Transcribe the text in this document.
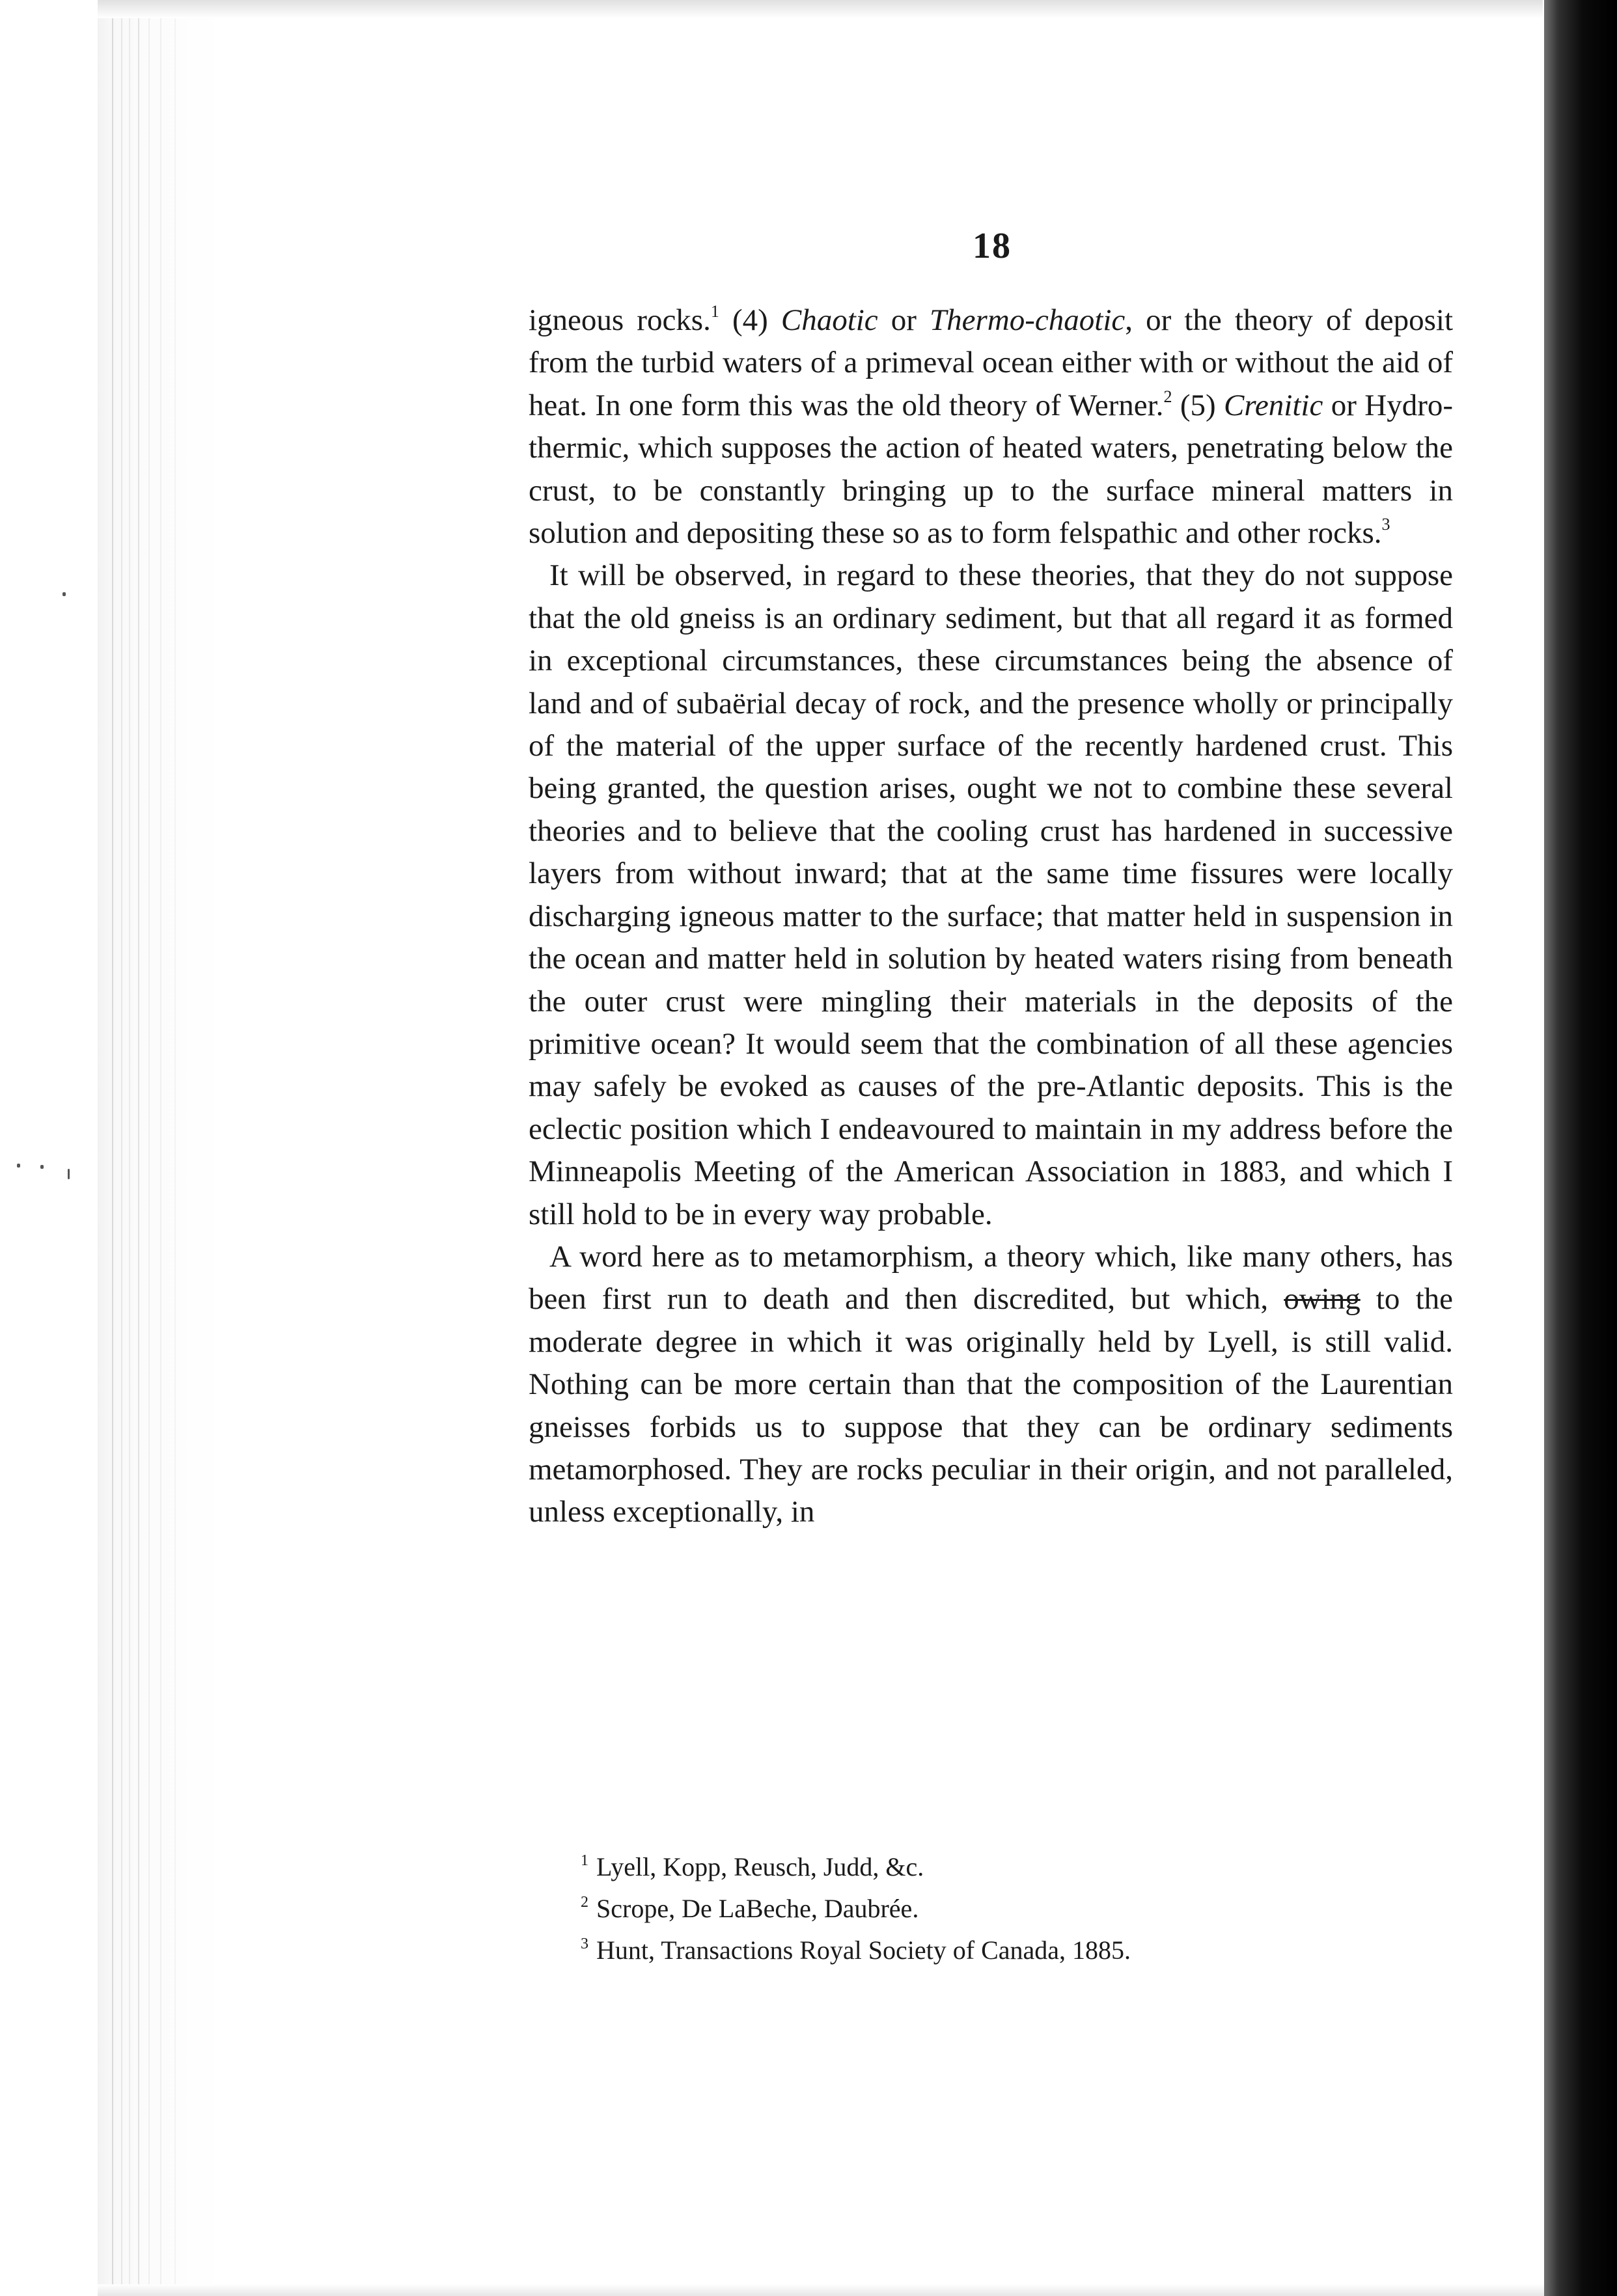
18

igneous rocks.$^1$ (4) Chaotic or Thermo-chaotic, or the theory of deposit from the turbid waters of a primeval ocean either with or without the aid of heat. In one form this was the old theory of Werner.$^2$ (5) Crenitic or Hydro-thermic, which supposes the action of heated waters, penetrating below the crust, to be constantly bringing up to the surface mineral matters in solution and depositing these so as to form felspathic and other rocks.$^3$

It will be observed, in regard to these theories, that they do not suppose that the old gneiss is an ordinary sediment, but that all regard it as formed in exceptional circumstances, these circumstances being the absence of land and of subaërial decay of rock, and the presence wholly or principally of the material of the upper surface of the recently hardened crust. This being granted, the question arises, ought we not to combine these several theories and to believe that the cooling crust has hardened in successive layers from without inward; that at the same time fissures were locally discharging igneous matter to the surface; that matter held in suspension in the ocean and matter held in solution by heated waters rising from beneath the outer crust were mingling their materials in the deposits of the primitive ocean? It would seem that the combination of all these agencies may safely be evoked as causes of the pre-Atlantic deposits. This is the eclectic position which I endeavoured to maintain in my address before the Minneapolis Meeting of the American Association in 1883, and which I still hold to be in every way probable.

A word here as to metamorphism, a theory which, like many others, has been first run to death and then discredited, but which, owing to the moderate degree in which it was originally held by Lyell, is still valid. Nothing can be more certain than that the composition of the Laurentian gneisses forbids us to suppose that they can be ordinary sediments metamorphosed. They are rocks peculiar in their origin, and not paralleled, unless exceptionally, in

1 Lyell, Kopp, Reusch, Judd, &c.
2 Scrope, De LaBeche, Daubrée.
3 Hunt, Transactions Royal Society of Canada, 1885.
